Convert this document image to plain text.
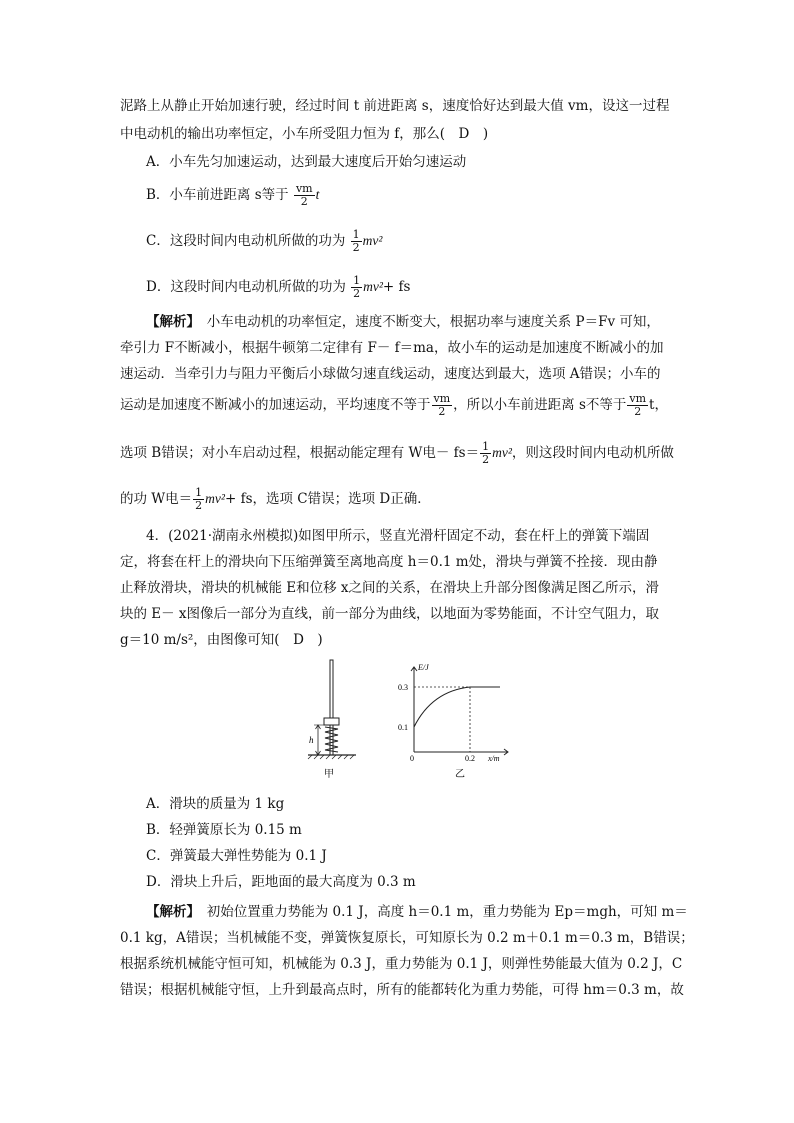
泥路上从静止开始加速行驶，经过时间 t 前进距离 s，速度恰好达到最大值 vm，设这一过程
中电动机的输出功率恒定，小车所受阻力恒为 f，那么(　D　)
A．小车先匀加速运动，达到最大速度后开始匀速运动
B．小车前进距离 s等于 $\frac{vm}{2}$ t
C．这段时间内电动机所做的功为 $\frac{1}{2} mv^2$
D．这段时间内电动机所做的功为 $\frac{1}{2} mv^2+$ fs
【解析】　小车电动机的功率恒定，速度不断变大，根据功率与速度关系 P＝Fv 可知，
牵引力 F不断减小，根据牛顿第二定律有 F－ f＝ma，故小车的运动是加速度不断减小的加
速运动．当牵引力与阻力平衡后小球做匀速直线运动，速度达到最大，选项 A错误；小车的
运动是加速度不断减小的加速运动，平均速度不等于 $\frac{vm}{2}$ ，所以小车前进距离 s不等于 $\frac{vm}{2}$ t，
选项 B错误；对小车启动过程，根据动能定理有 W电－ $fs= \frac{1}{2} mv^2$，则这段时间内电动机所做
的功 W电＝ $\frac{1}{2} mv^2+$ fs，选项 C错误；选项 D正确．
4．(2021·湖南永州模拟)如图甲所示，竖直光滑杆固定不动，套在杆上的弹簧下端固
定，将套在杆上的滑块向下压缩弹簧至离地高度 h＝0.1 m处，滑块与弹簧不拴接．现由静
止释放滑块，滑块的机械能 E和位移 x之间的关系，在滑块上升部分图像满足图乙所示，滑
块的 E－ x图像后一部分为直线，前一部分为曲线，以地面为零势能面，不计空气阻力，取
g＝10 m/s²，由图像可知(　D　)
h
甲
E/J
x/m
0.3
0.1
0	0.2
乙
A．滑块的质量为 1 kg
B．轻弹簧原长为 0.15 m
C．弹簧最大弹性势能为 0.1 J
D．滑块上升后，距地面的最大高度为 0.3 m
【解析】　初始位置重力势能为 0.1 J，高度 h＝0.1 m，重力势能为 Ep＝mgh，可知 m＝
0.1 kg，A错误；当机械能不变，弹簧恢复原长，可知原长为 0.2 m＋0.1 m＝0.3 m，B错误；
根据系统机械能守恒可知，机械能为 0.3 J，重力势能为 0.1 J，则弹性势能最大值为 0.2 J，C
错误；根据机械能守恒，上升到最高点时，所有的能都转化为重力势能，可得 hm＝0.3 m，故
